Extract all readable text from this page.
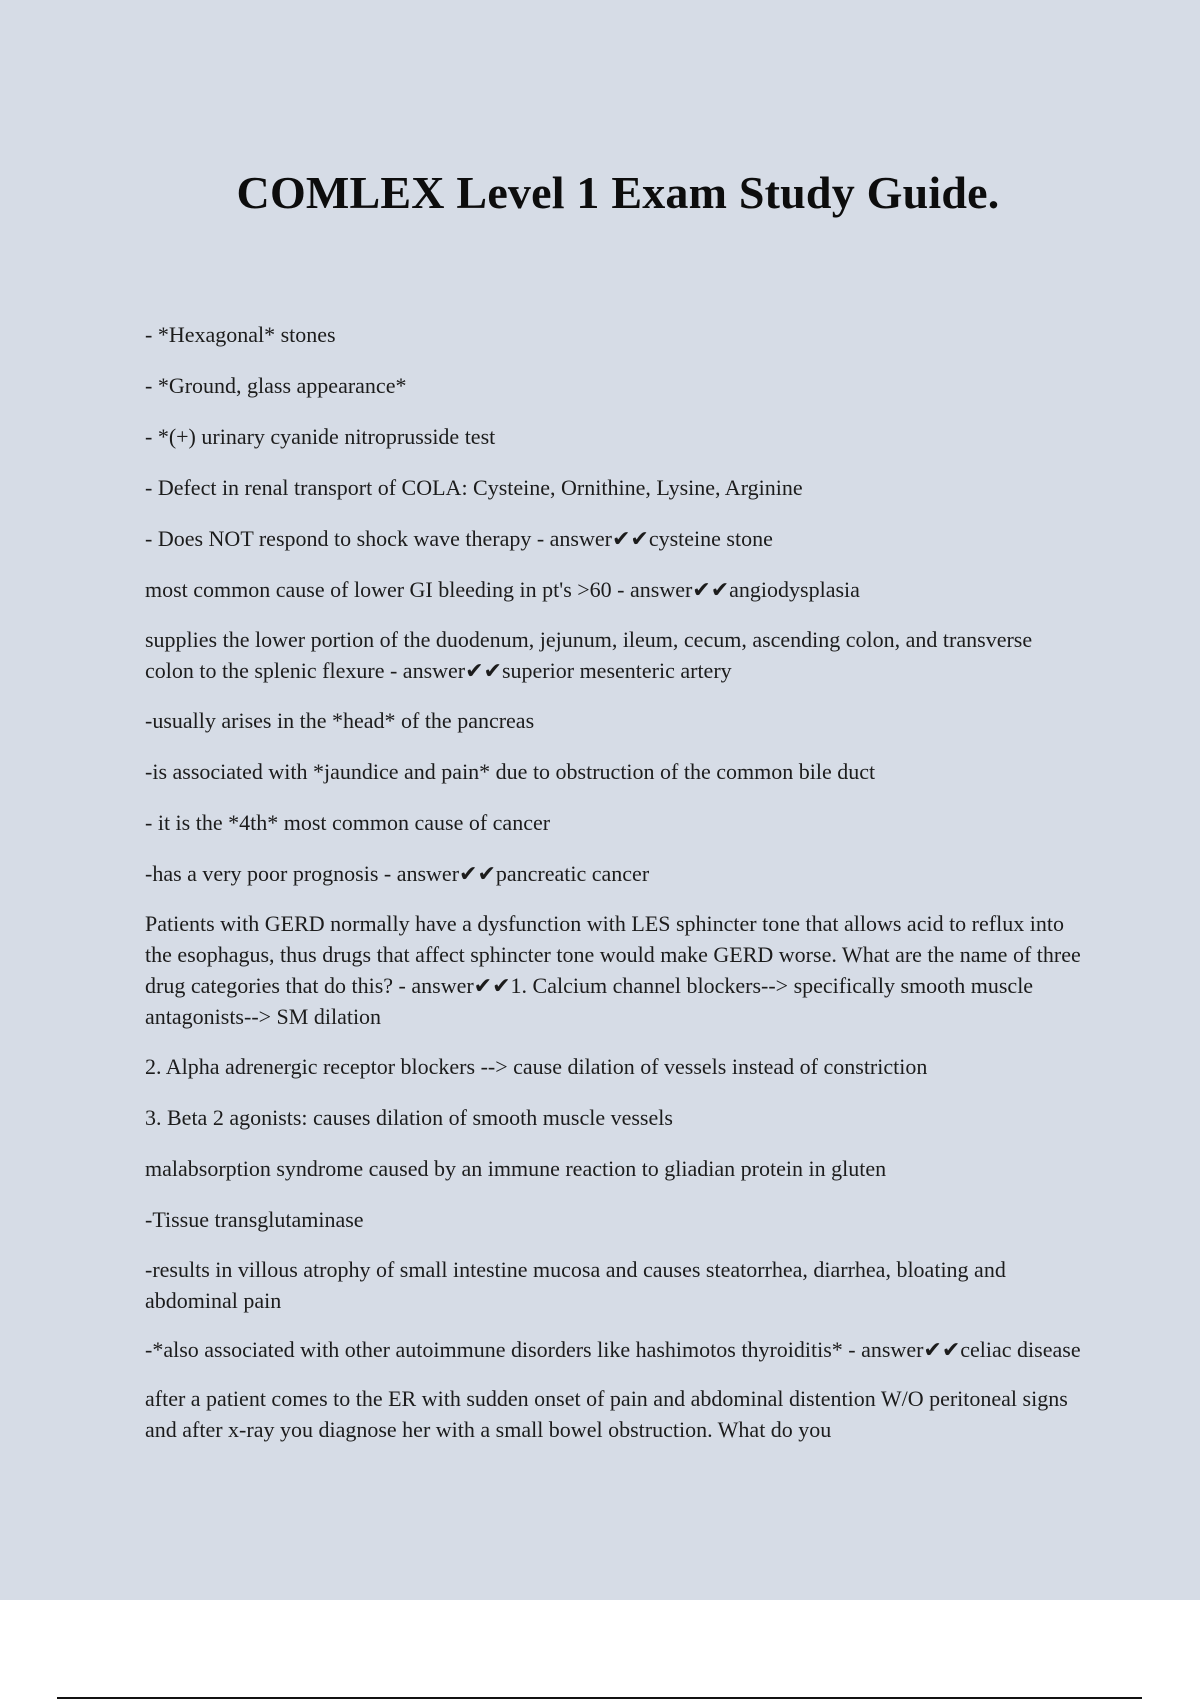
COMLEX Level 1 Exam Study Guide.

- *Hexagonal* stones

- *Ground, glass appearance*

- *(+) urinary cyanide nitroprusside test

- Defect in renal transport of COLA: Cysteine, Ornithine, Lysine, Arginine

- Does NOT respond to shock wave therapy - answer✔✔cysteine stone

most common cause of lower GI bleeding in pt's >60 - answer✔✔angiodysplasia

supplies the lower portion of the duodenum, jejunum, ileum, cecum, ascending colon, and transverse colon to the splenic flexure - answer✔✔superior mesenteric artery

-usually arises in the *head* of the pancreas

-is associated with *jaundice and pain* due to obstruction of the common bile duct

- it is the *4th* most common cause of cancer

-has a very poor prognosis - answer✔✔pancreatic cancer

Patients with GERD normally have a dysfunction with LES sphincter tone that allows acid to reflux into the esophagus, thus drugs that affect sphincter tone would make GERD worse. What are the name of three drug categories that do this? - answer✔✔1. Calcium channel blockers--> specifically smooth muscle antagonists--> SM dilation

2. Alpha adrenergic receptor blockers --> cause dilation of vessels instead of constriction

3. Beta 2 agonists: causes dilation of smooth muscle vessels

malabsorption syndrome caused by an immune reaction to gliadian protein in gluten

-Tissue transglutaminase

-results in villous atrophy of small intestine mucosa and causes steatorrhea, diarrhea, bloating and abdominal pain

-*also associated with other autoimmune disorders like hashimotos thyroiditis* - answer✔✔celiac disease

after a patient comes to the ER with sudden onset of pain and abdominal distention W/O peritoneal signs and after x-ray you diagnose her with a small bowel obstruction. What do you
